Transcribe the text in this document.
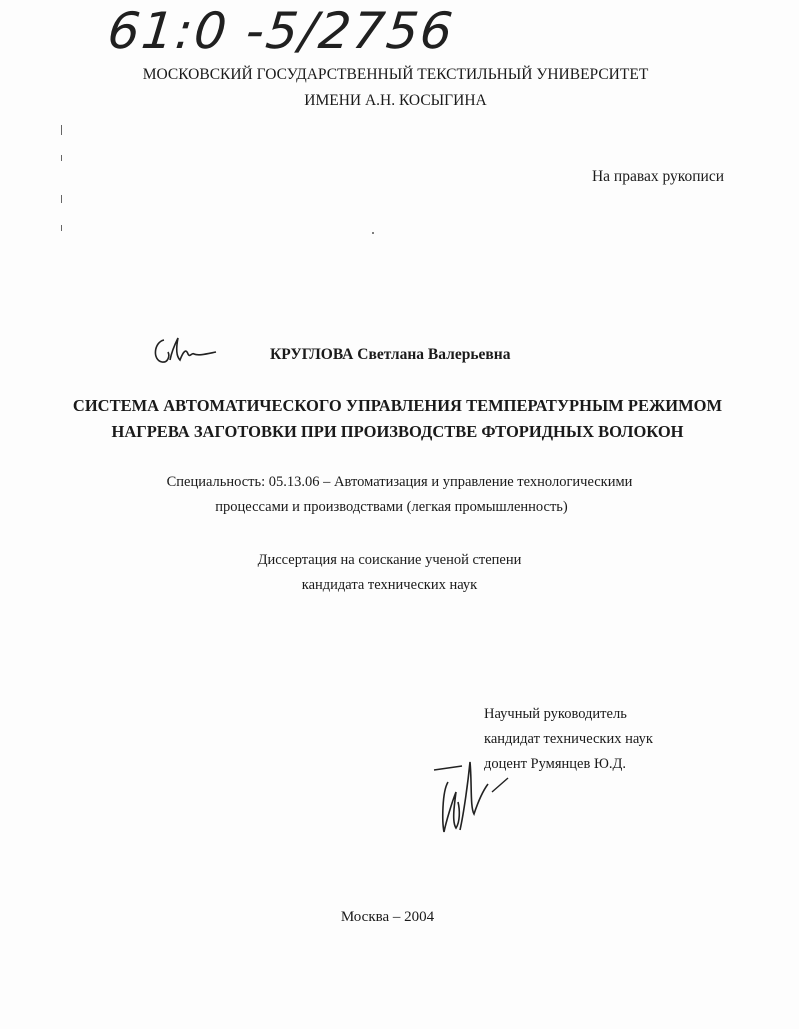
61:0 -5/2756
МОСКОВСКИЙ ГОСУДАРСТВЕННЫЙ ТЕКСТИЛЬНЫЙ УНИВЕРСИТЕТ
ИМЕНИ А.Н. КОСЫГИНА
На правах рукописи
КРУГЛОВА Светлана Валерьевна
СИСТЕМА АВТОМАТИЧЕСКОГО УПРАВЛЕНИЯ ТЕМПЕРАТУРНЫМ РЕЖИМОМ
НАГРЕВА ЗАГОТОВКИ ПРИ ПРОИЗВОДСТВЕ ФТОРИДНЫХ ВОЛОКОН
Специальность: 05.13.06 – Автоматизация и управление технологическими
процессами и производствами (легкая промышленность)
Диссертация на соискание ученой степени
кандидата технических наук
Научный руководитель
кандидат технических наук
доцент Румянцев Ю.Д.
Москва – 2004
